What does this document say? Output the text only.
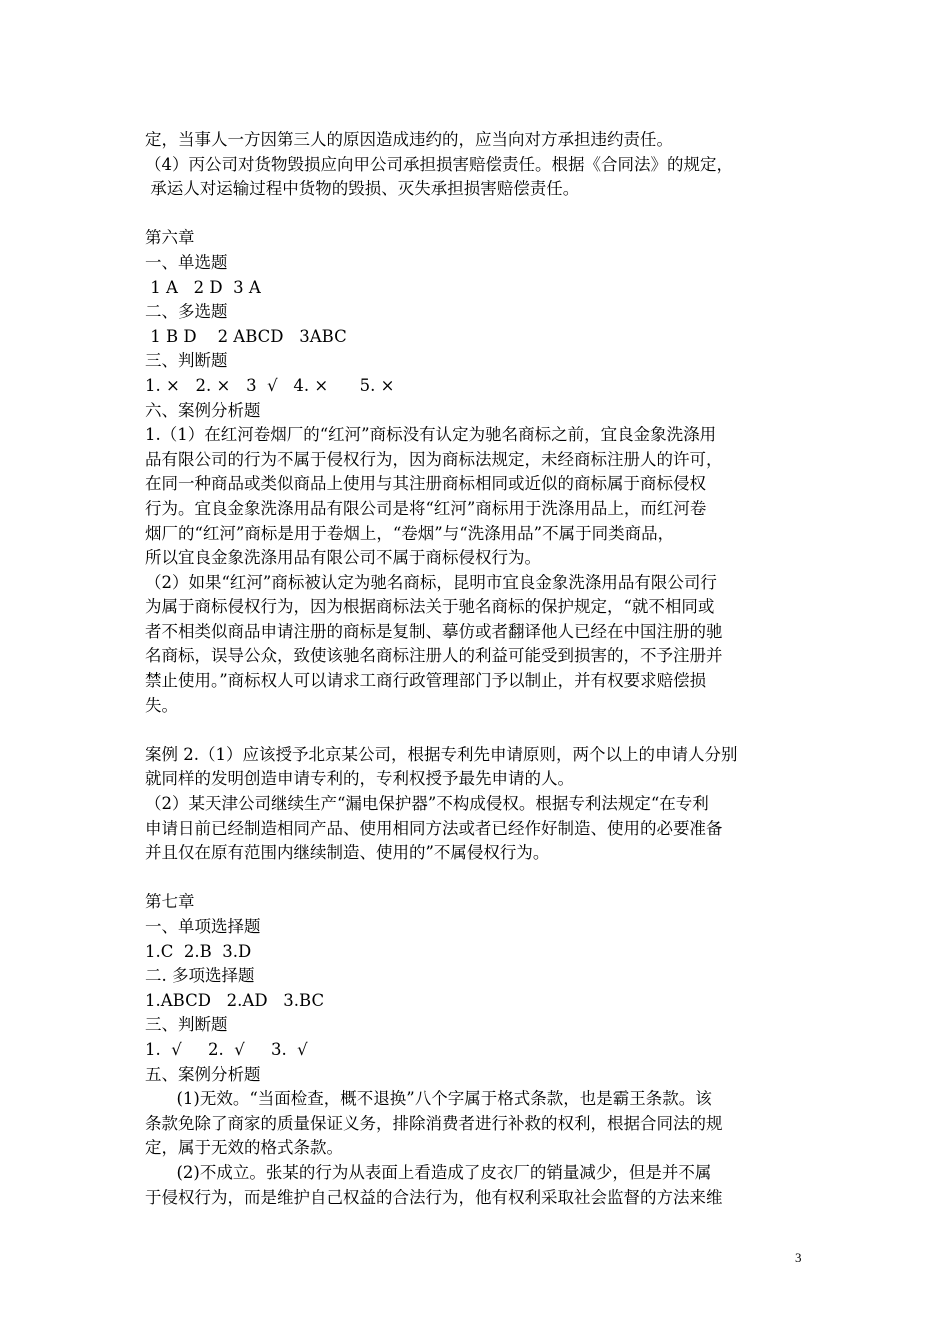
定，当事人一方因第三人的原因造成违约的，应当向对方承担违约责任。
（4）丙公司对货物毁损应向甲公司承担损害赔偿责任。根据《合同法》的规定，
承运人对运输过程中货物的毁损、灭失承担损害赔偿责任。
第六章
一、单选题
1 A   2 D  3 A
二、多选题
1 B D    2 ABCD   3ABC
三、判断题
1. ×   2. ×   3  √   4. ×      5. ×
六、案例分析题
1.（1）在红河卷烟厂的“红河”商标没有认定为驰名商标之前，宜良金象洗涤用
品有限公司的行为不属于侵权行为，因为商标法规定，未经商标注册人的许可，
在同一种商品或类似商品上使用与其注册商标相同或近似的商标属于商标侵权
行为。宜良金象洗涤用品有限公司是将“红河”商标用于洗涤用品上，而红河卷
烟厂的“红河”商标是用于卷烟上，“卷烟”与“洗涤用品”不属于同类商品，
所以宜良金象洗涤用品有限公司不属于商标侵权行为。
（2）如果“红河”商标被认定为驰名商标，昆明市宜良金象洗涤用品有限公司行
为属于商标侵权行为，因为根据商标法关于驰名商标的保护规定，“就不相同或
者不相类似商品申请注册的商标是复制、摹仿或者翻译他人已经在中国注册的驰
名商标，误导公众，致使该驰名商标注册人的利益可能受到损害的，不予注册并
禁止使用。”商标权人可以请求工商行政管理部门予以制止，并有权要求赔偿损
失。
案例 2.（1）应该授予北京某公司，根据专利先申请原则，两个以上的申请人分别
就同样的发明创造申请专利的，专利权授予最先申请的人。
（2）某天津公司继续生产“漏电保护器”不构成侵权。根据专利法规定“在专利
申请日前已经制造相同产品、使用相同方法或者已经作好制造、使用的必要准备
并且仅在原有范围内继续制造、使用的”不属侵权行为。
第七章
一、单项选择题
1.C  2.B  3.D
二. 多项选择题
1.ABCD   2.AD   3.BC
三、判断题
1.  √     2.  √     3.  √
五、案例分析题
(1)无效。“当面检查，概不退换”八个字属于格式条款，也是霸王条款。该
条款免除了商家的质量保证义务，排除消费者进行补救的权利，根据合同法的规
定，属于无效的格式条款。
(2)不成立。张某的行为从表面上看造成了皮衣厂的销量减少，但是并不属
于侵权行为，而是维护自己权益的合法行为，他有权利采取社会监督的方法来维
3
